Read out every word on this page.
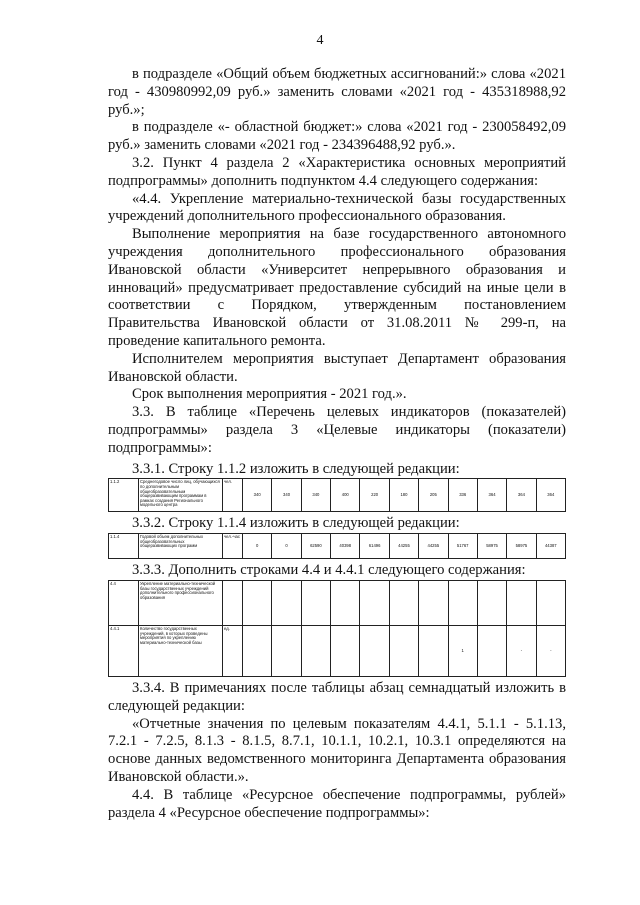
4

в подразделе «Общий объем бюджетных ассигнований:» слова «2021 год - 430980992,09 руб.» заменить словами «2021 год - 435318988,92 руб.»;

в подразделе «- областной бюджет:» слова «2021 год - 230058492,09 руб.» заменить словами «2021 год - 234396488,92 руб.».

3.2. Пункт 4 раздела 2 «Характеристика основных мероприятий подпрограммы» дополнить подпунктом 4.4 следующего содержания:

«4.4. Укрепление материально-технической базы государственных учреждений дополнительного профессионального образования.

Выполнение мероприятия на базе государственного автономного учреждения дополнительного профессионального образования Ивановской области «Университет непрерывного образования и инноваций» предусматривает предоставление субсидий на иные цели в соответствии с Порядком, утвержденным постановлением Правительства Ивановской области от 31.08.2011 № 299-п, на проведение капитального ремонта.

Исполнителем мероприятия выступает Департамент образования Ивановской области.

Срок выполнения мероприятия - 2021 год.».

3.3. В таблице «Перечень целевых индикаторов (показателей) подпрограммы» раздела 3 «Целевые индикаторы (показатели) подпрограммы»:

3.3.1. Строку 1.1.2 изложить в следующей редакции:

1.1.2	Среднегодовое число лиц, обучающихся по дополнительным общеобразовательным общеразвивающим программам в рамках создания Регионального модельного центра	чел.	340	340	340	400	220	180	205	336	364	364	364

3.3.2. Строку 1.1.4 изложить в следующей редакции:

1.1.4	Годовой объем дополнительных общеобразовательных общеразвивающих программ	чел.-час	0	0	62590	40398	61496	44255	44255	51767	58975	58975	44387

3.3.3. Дополнить строками 4.4 и 4.4.1 следующего содержания:

4.4	Укрепление материально-технической базы государственных учреждений дополнительного профессионального образования												
4.4.1	Количество государственных учреждений, в которых проведены мероприятия по укреплению материально-технической базы	ед.								1		-	-

3.3.4. В примечаниях после таблицы абзац семнадцатый изложить в следующей редакции:

«Отчетные значения по целевым показателям 4.4.1, 5.1.1 - 5.1.13, 7.2.1 - 7.2.5, 8.1.3 - 8.1.5, 8.7.1, 10.1.1, 10.2.1, 10.3.1 определяются на основе данных ведомственного мониторинга Департамента образования Ивановской области.».

4.4. В таблице «Ресурсное обеспечение подпрограммы, рублей» раздела 4 «Ресурсное обеспечение подпрограммы»:
